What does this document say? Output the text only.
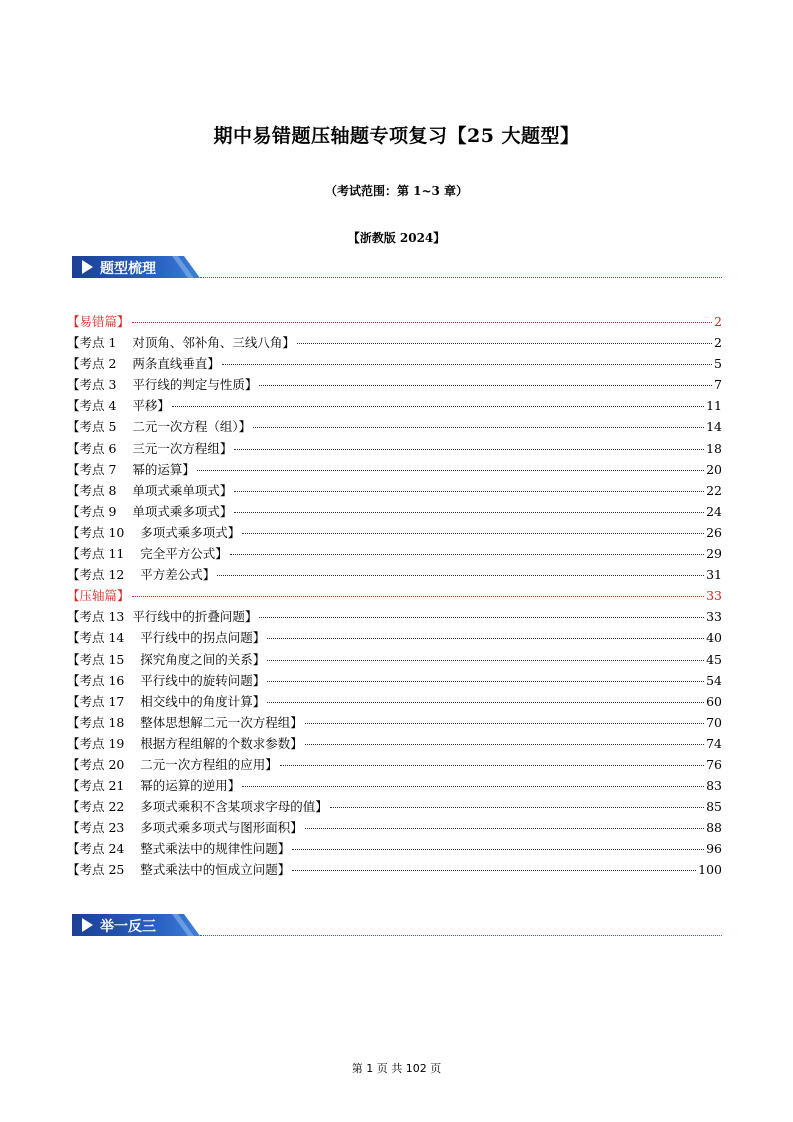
期中易错题压轴题专项复习【25 大题型】
（考试范围：第 1~3 章）
【浙教版 2024】
题型梳理
【易错篇】	2
【考点 1    对顶角、邻补角、三线八角】	2
【考点 2    两条直线垂直】	5
【考点 3    平行线的判定与性质】	7
【考点 4    平移】	11
【考点 5    二元一次方程（组）】	14
【考点 6    三元一次方程组】	18
【考点 7    幂的运算】	20
【考点 8    单项式乘单项式】	22
【考点 9    单项式乘多项式】	24
【考点 10    多项式乘多项式】	26
【考点 11    完全平方公式】	29
【考点 12    平方差公式】	31
【压轴篇】	33
【考点 13  平行线中的折叠问题】	33
【考点 14    平行线中的拐点问题】	40
【考点 15    探究角度之间的关系】	45
【考点 16    平行线中的旋转问题】	54
【考点 17    相交线中的角度计算】	60
【考点 18    整体思想解二元一次方程组】	70
【考点 19    根据方程组解的个数求参数】	74
【考点 20    二元一次方程组的应用】	76
【考点 21    幂的运算的逆用】	83
【考点 22    多项式乘积不含某项求字母的值】	85
【考点 23    多项式乘多项式与图形面积】	88
【考点 24    整式乘法中的规律性问题】	96
【考点 25    整式乘法中的恒成立问题】	100
举一反三
第 1 页 共 102 页
